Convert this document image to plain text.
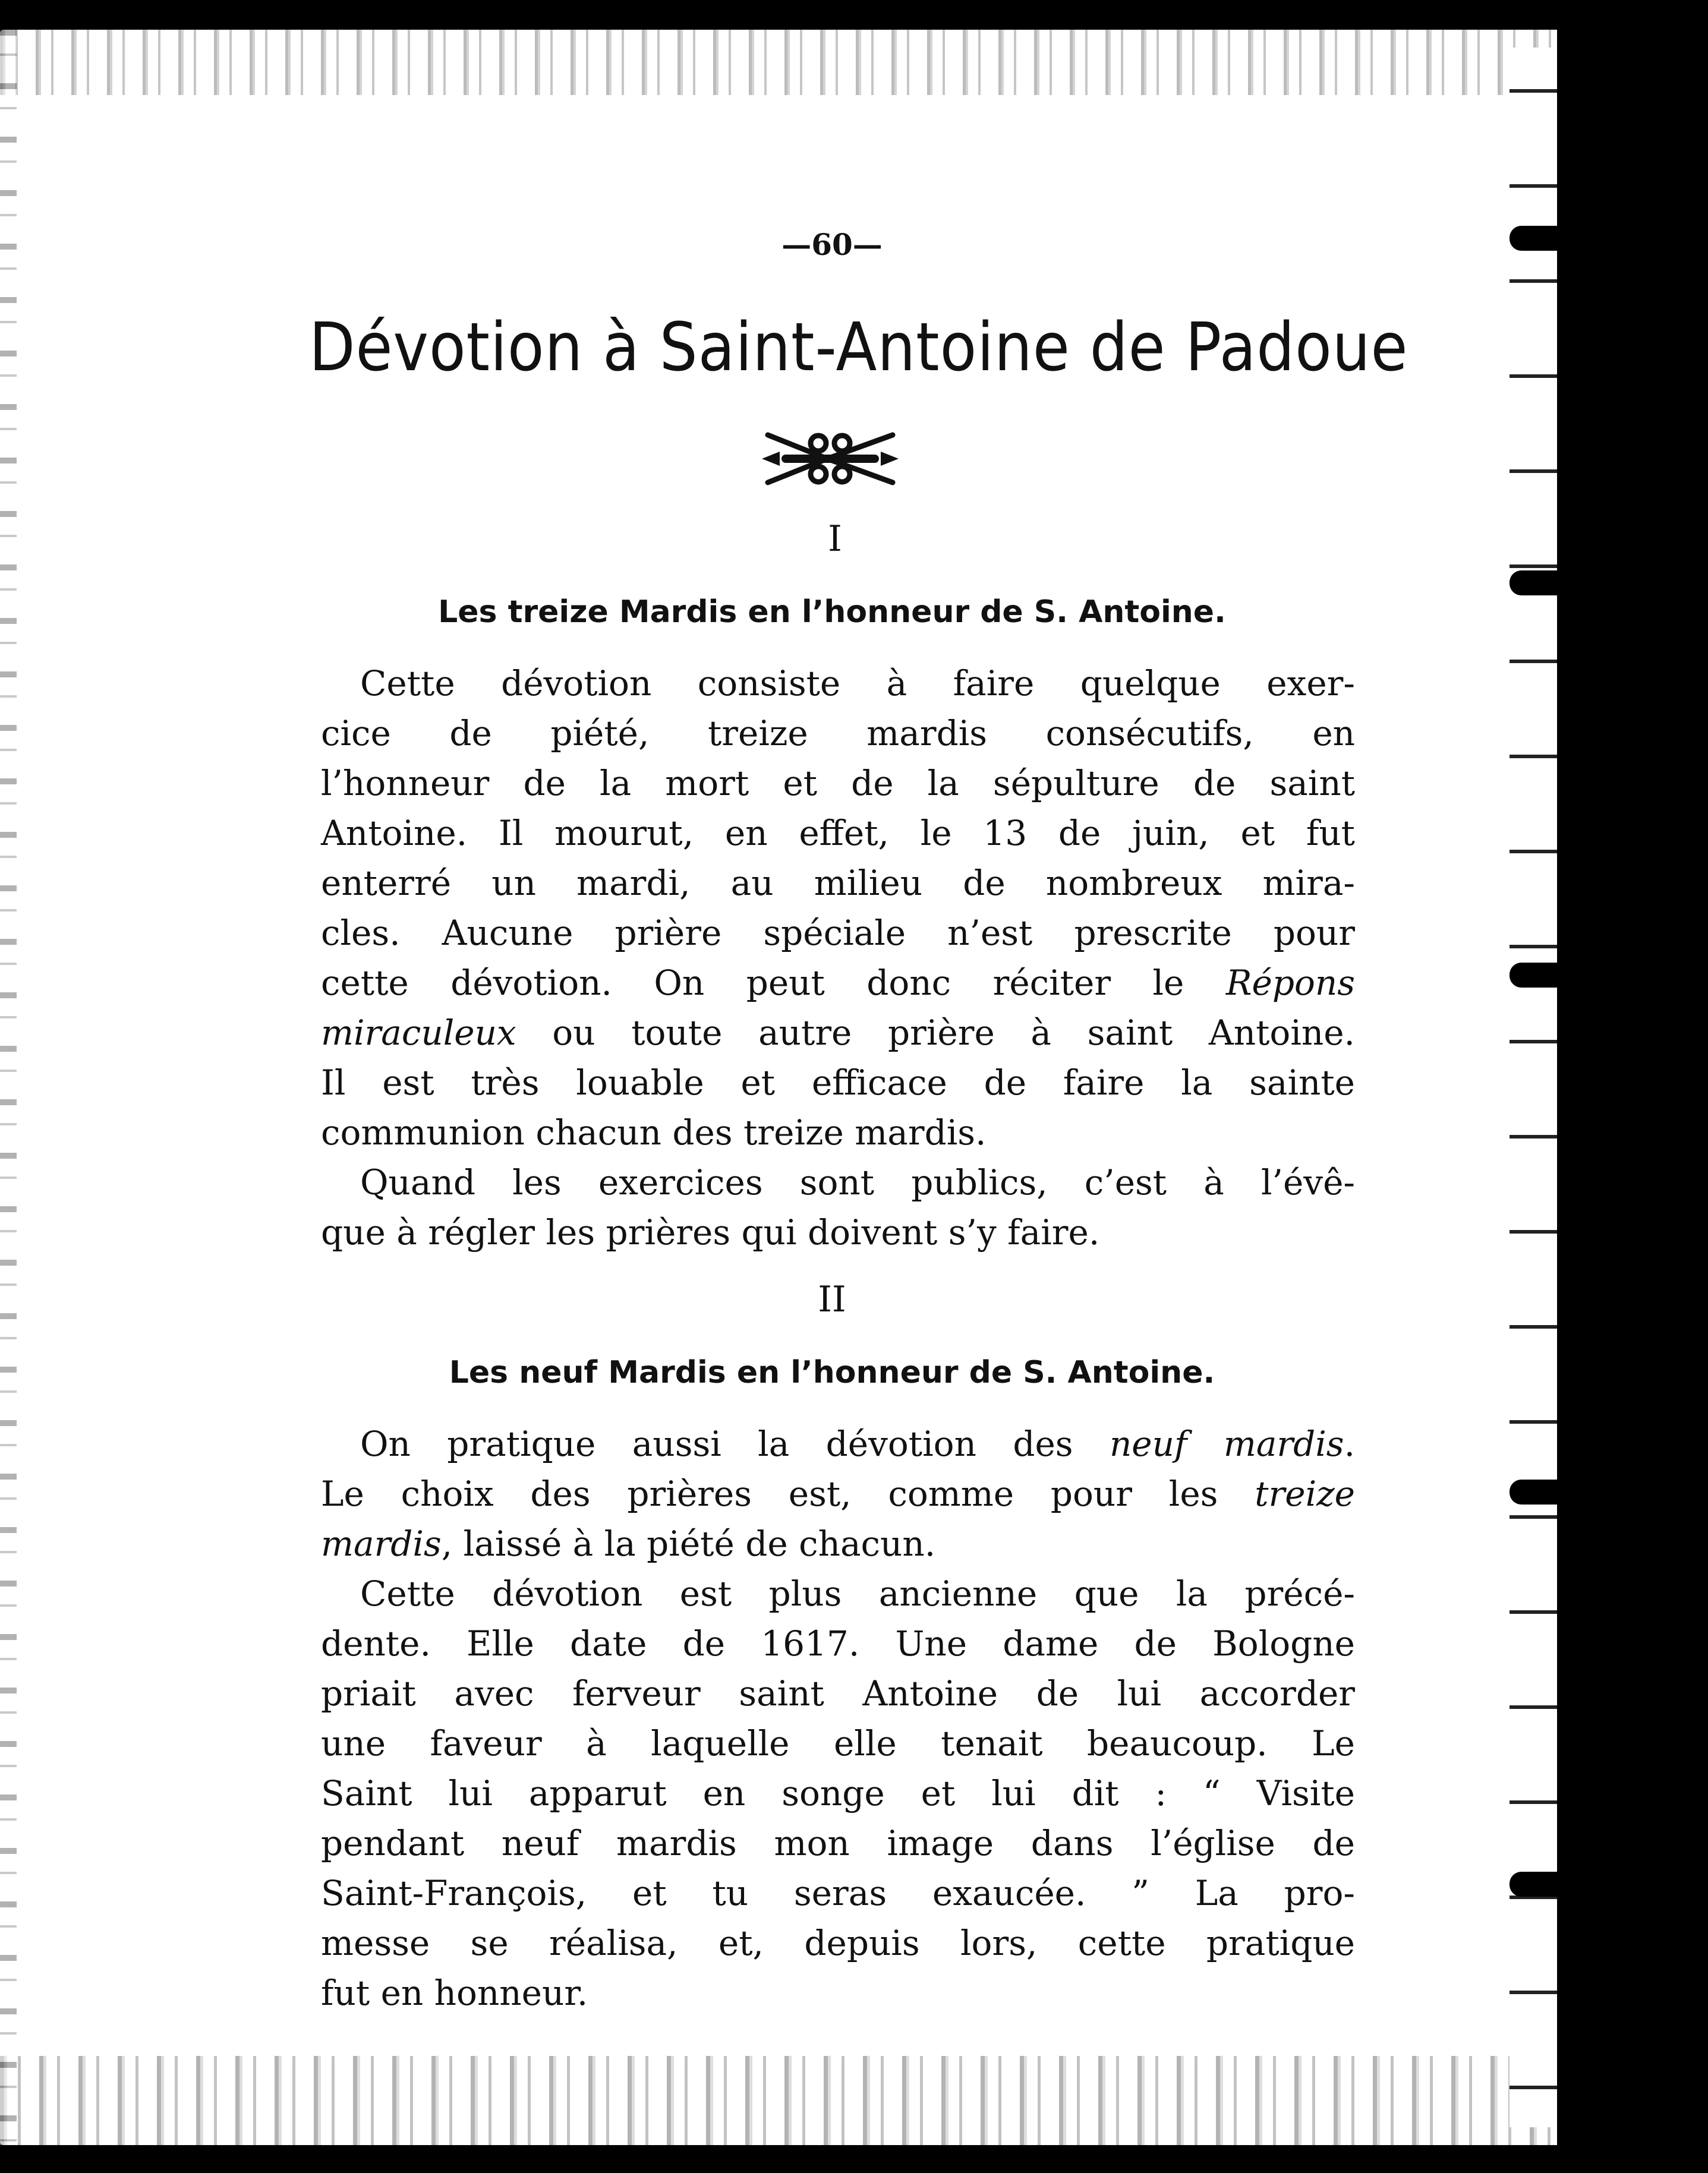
—60—
Dévotion à Saint-Antoine de Padoue
I
Les treize Mardis en l’honneur de S. Antoine.
Cette dévotion consiste à faire quelque exer-
cice de piété, treize mardis consécutifs, en
l’honneur de la mort et de la sépulture de saint
Antoine. Il mourut, en effet, le 13 de juin, et fut
enterré un mardi, au milieu de nombreux mira-
cles. Aucune prière spéciale n’est prescrite pour
cette dévotion. On peut donc réciter le Répons
miraculeux ou toute autre prière à saint Antoine.
Il est très louable et efficace de faire la sainte
communion chacun des treize mardis.
Quand les exercices sont publics, c’est à l’évê-
que à régler les prières qui doivent s’y faire.
II
Les neuf Mardis en l’honneur de S. Antoine.
On pratique aussi la dévotion des neuf mardis.
Le choix des prières est, comme pour les treize
mardis, laissé à la piété de chacun.
Cette dévotion est plus ancienne que la précé-
dente. Elle date de 1617. Une dame de Bologne
priait avec ferveur saint Antoine de lui accorder
une faveur à laquelle elle tenait beaucoup. Le
Saint lui apparut en songe et lui dit : “ Visite
pendant neuf mardis mon image dans l’église de
Saint-François, et tu seras exaucée. ” La pro-
messe se réalisa, et, depuis lors, cette pratique
fut en honneur.
